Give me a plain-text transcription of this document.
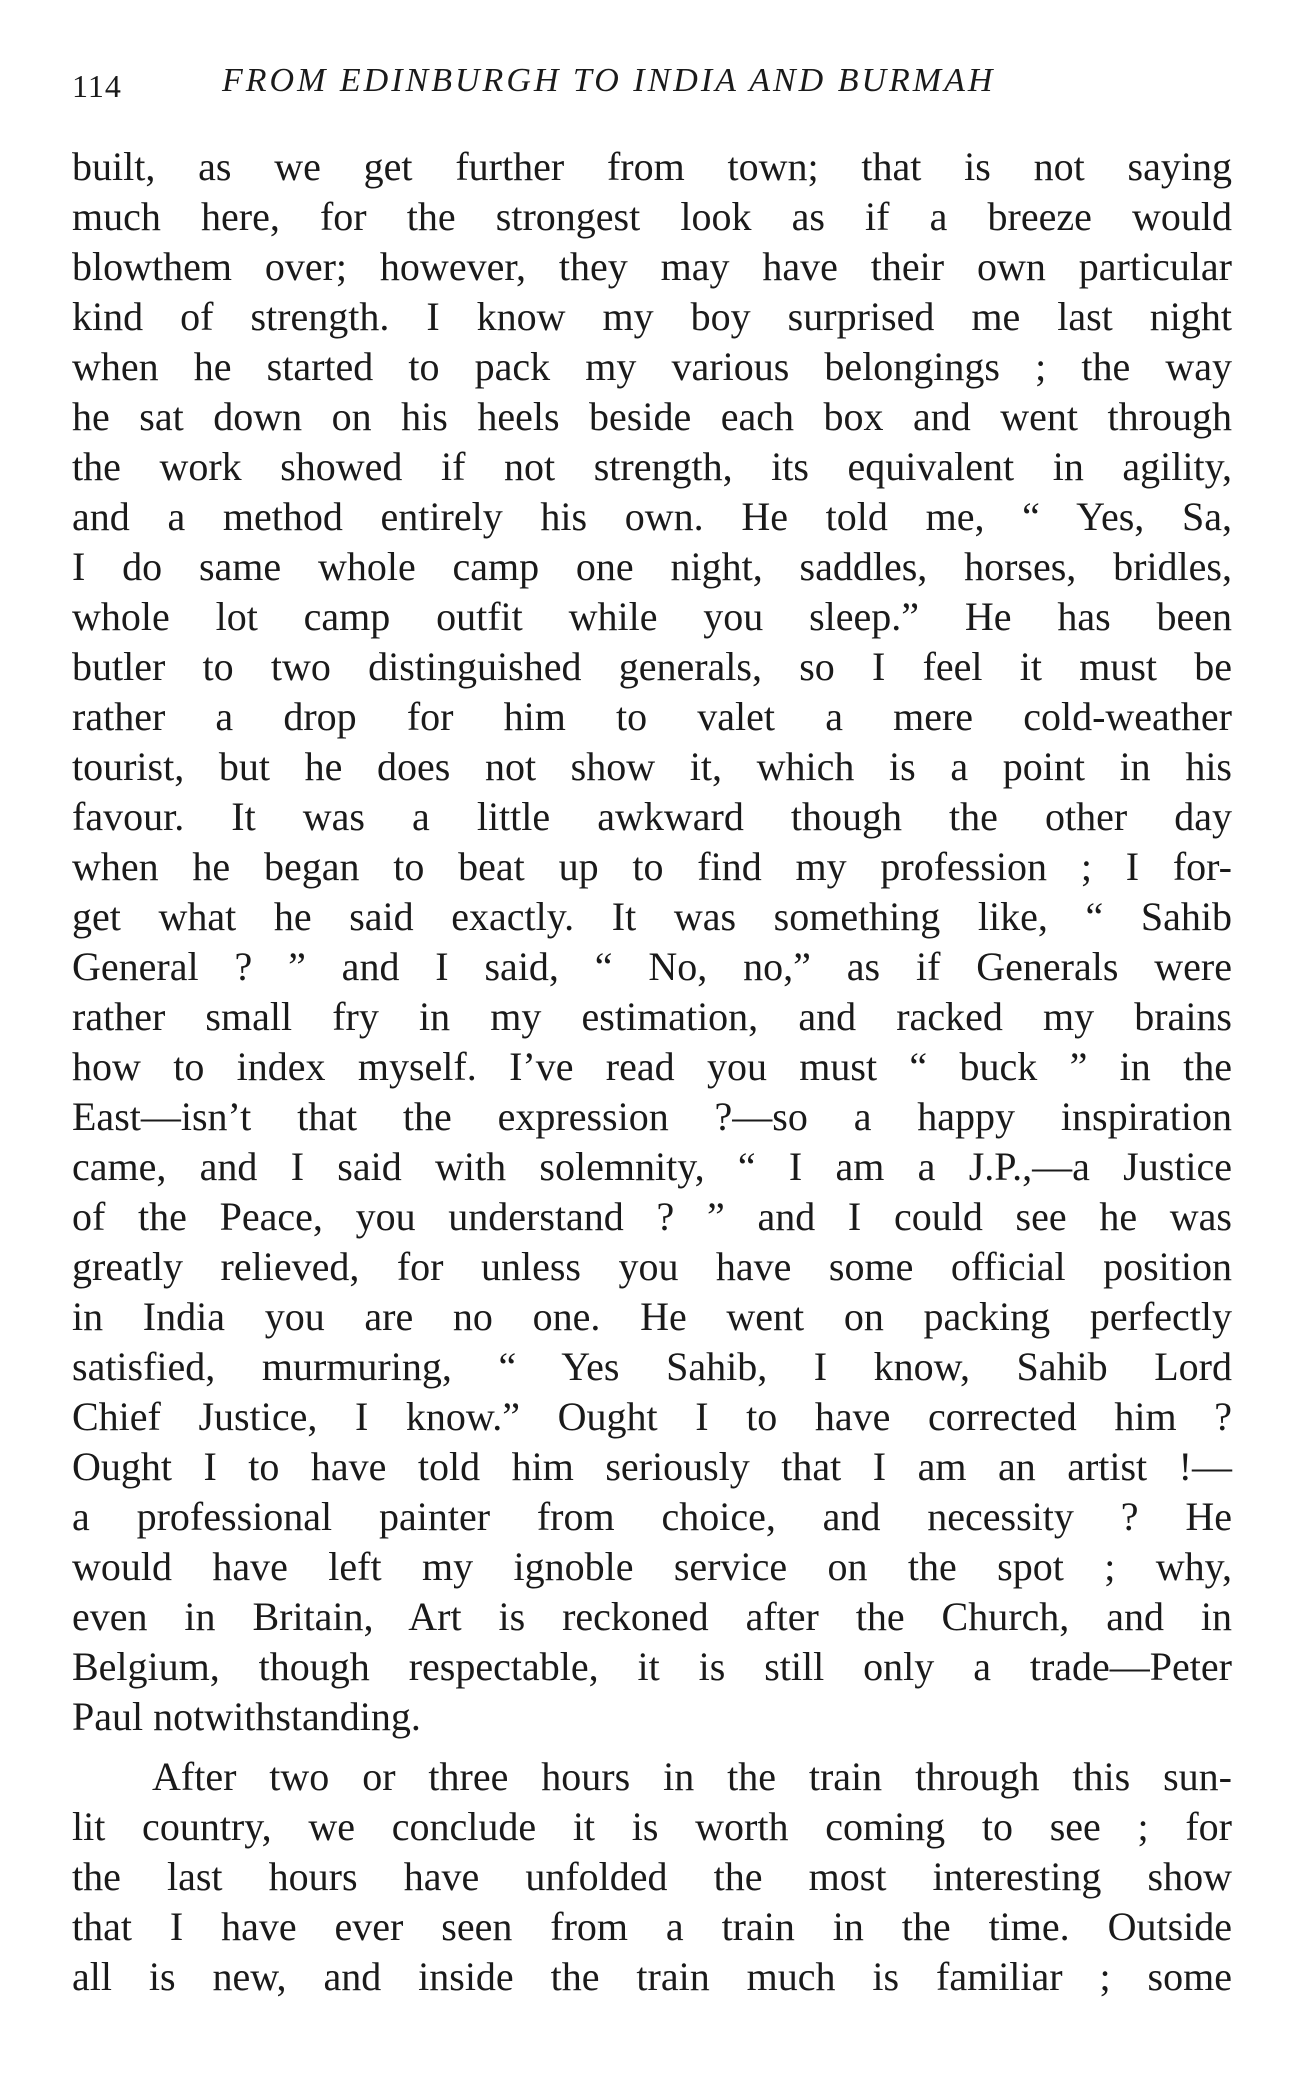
114	FROM EDINBURGH TO INDIA AND BURMAH
built, as we get further from town; that is not saying
much here, for the strongest look as if a breeze would
blowthem over; however, they may have their own particular
kind of strength. I know my boy surprised me last night
when he started to pack my various belongings ; the way
he sat down on his heels beside each box and went through
the work showed if not strength, its equivalent in agility,
and a method entirely his own. He told me, “ Yes, Sa,
I do same whole camp one night, saddles, horses, bridles,
whole lot camp outfit while you sleep.” He has been
butler to two distinguished generals, so I feel it must be
rather a drop for him to valet a mere cold-weather
tourist, but he does not show it, which is a point in his
favour. It was a little awkward though the other day
when he began to beat up to find my profession ; I for-
get what he said exactly. It was something like, “ Sahib
General ? ” and I said, “ No, no,” as if Generals were
rather small fry in my estimation, and racked my brains
how to index myself. I’ve read you must “ buck ” in the
East—isn’t that the expression ?—so a happy inspiration
came, and I said with solemnity, “ I am a J.P.,—a Justice
of the Peace, you understand ? ” and I could see he was
greatly relieved, for unless you have some official position
in India you are no one. He went on packing perfectly
satisfied, murmuring, “ Yes Sahib, I know, Sahib Lord
Chief Justice, I know.” Ought I to have corrected him ?
Ought I to have told him seriously that I am an artist !—
a professional painter from choice, and necessity ? He
would have left my ignoble service on the spot ; why,
even in Britain, Art is reckoned after the Church, and in
Belgium, though respectable, it is still only a trade—Peter
Paul notwithstanding.
After two or three hours in the train through this sun-
lit country, we conclude it is worth coming to see ; for
the last hours have unfolded the most interesting show
that I have ever seen from a train in the time. Outside
all is new, and inside the train much is familiar ; some
